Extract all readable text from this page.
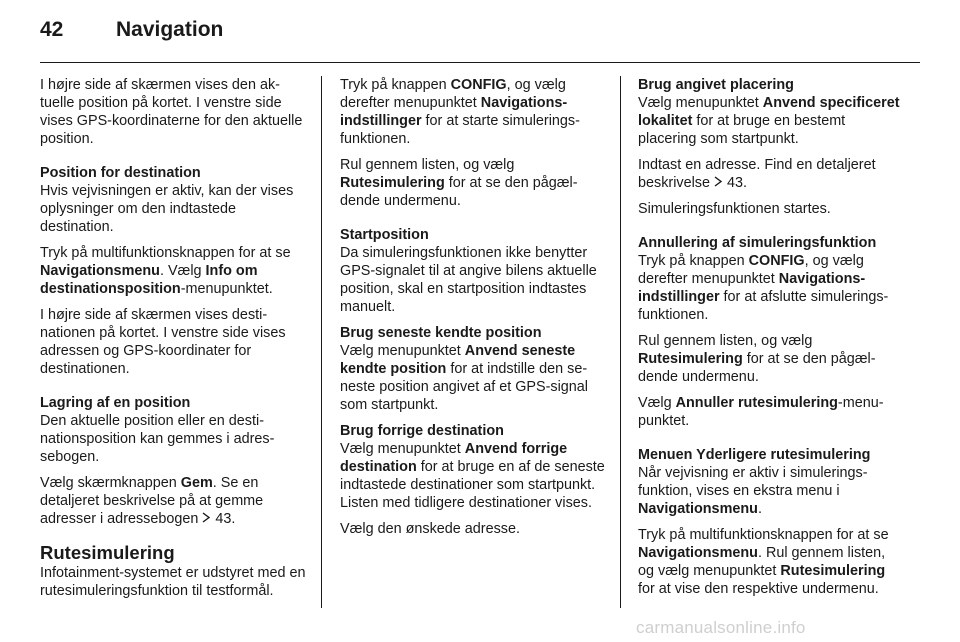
42	Navigation

I højre side af skærmen vises den aktuelle position på kortet. I venstre side vises GPS-koordinaterne for den aktuelle position.

Position for destination

Hvis vejvisningen er aktiv, kan der vises oplysninger om den indtastede destination.

Tryk på multifunktionsknappen for at se Navigationsmenu. Vælg Info om destinationsposition-menupunktet.

I højre side af skærmen vises destinationen på kortet. I venstre side vises adressen og GPS-koordinater for destinationen.

Lagring af en position

Den aktuelle position eller en destinationsposition kan gemmes i adressebogen.

Vælg skærmknappen Gem. Se en detaljeret beskrivelse på at gemme adresser i adressebogen  43.

Rutesimulering

Infotainment-systemet er udstyret med en rutesimuleringsfunktion til testformål.

Tryk på knappen CONFIG, og vælg derefter menupunktet Navigationsindstillinger for at starte simuleringsfunktionen.

Rul gennem listen, og vælg Rutesimulering for at se den pågældende undermenu.

Startposition

Da simuleringsfunktionen ikke benytter GPS-signalet til at angive bilens aktuelle position, skal en startposition indtastes manuelt.

Brug seneste kendte position

Vælg menupunktet Anvend seneste kendte position for at indstille den seneste position angivet af et GPS-signal som startpunkt.

Brug forrige destination

Vælg menupunktet Anvend forrige destination for at bruge en af de seneste indtastede destinationer som startpunkt. Listen med tidligere destinationer vises.

Vælg den ønskede adresse.

Brug angivet placering

Vælg menupunktet Anvend specificeret lokalitet for at bruge en bestemt placering som startpunkt.

Indtast en adresse. Find en detaljeret beskrivelse  43.

Simuleringsfunktionen startes.

Annullering af simuleringsfunktion

Tryk på knappen CONFIG, og vælg derefter menupunktet Navigationsindstillinger for at afslutte simuleringsfunktionen.

Rul gennem listen, og vælg Rutesimulering for at se den pågældende undermenu.

Vælg Annuller rutesimulering-menupunktet.

Menuen Yderligere rutesimulering

Når vejvisning er aktiv i simuleringsfunktion, vises en ekstra menu i Navigationsmenu.

Tryk på multifunktionsknappen for at se Navigationsmenu. Rul gennem listen, og vælg menupunktet Rutesimulering for at vise den respektive undermenu.

carmanualsonline.info
